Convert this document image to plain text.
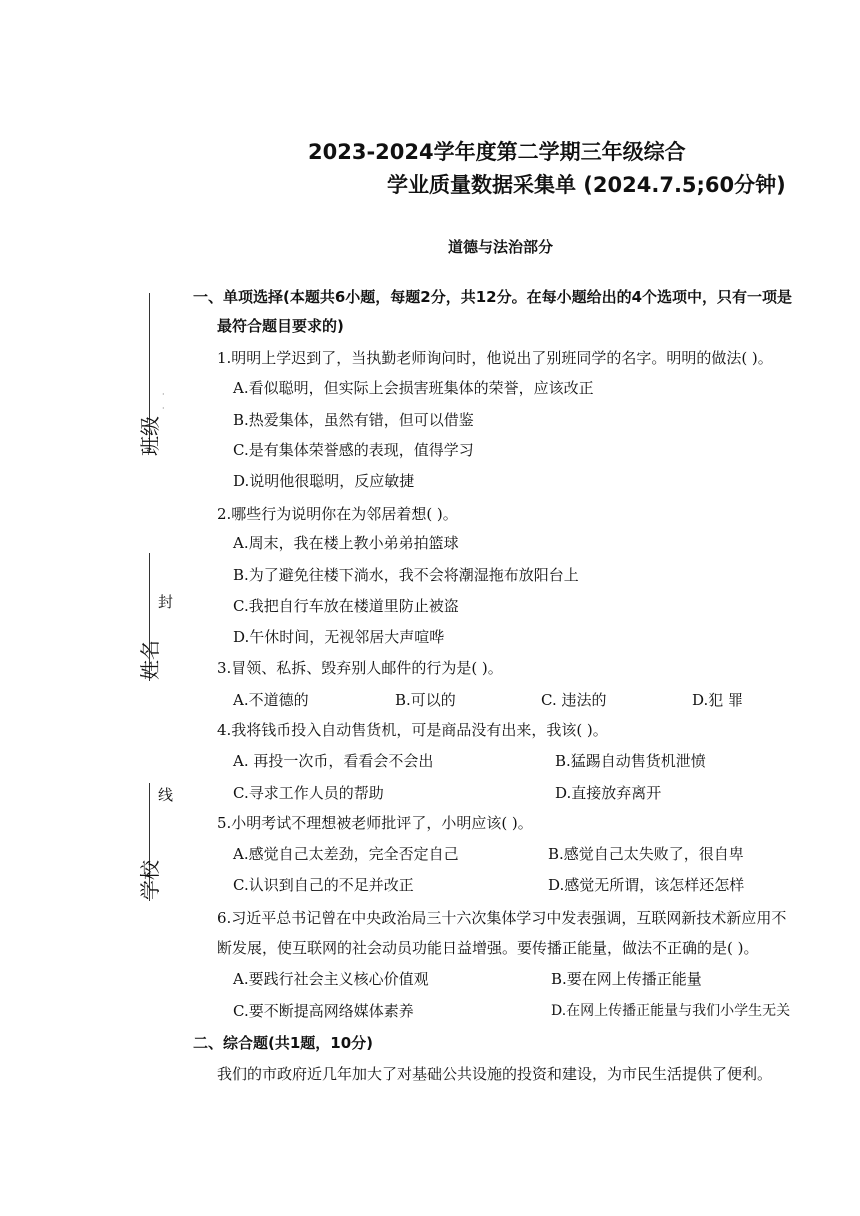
2023-2024学年度第二学期三年级综合
学业质量数据采集单 (2024.7.5;60分钟)
道德与法治部分
班级
·
·
姓名
封
学校
线
一、单项选择(本题共6小题，每题2分，共12分。在每小题给出的4个选项中，只有一项是
最符合题目要求的)
1.明明上学迟到了，当执勤老师询问时，他说出了别班同学的名字。明明的做法( )。
A.看似聪明，但实际上会损害班集体的荣誉，应该改正
B.热爱集体，虽然有错，但可以借鉴
C.是有集体荣誉感的表现，值得学习
D.说明他很聪明，反应敏捷
2.哪些行为说明你在为邻居着想( )。
A.周末，我在楼上教小弟弟拍篮球
B.为了避免往楼下淌水，我不会将潮湿拖布放阳台上
C.我把自行车放在楼道里防止被盗
D.午休时间，无视邻居大声喧哗
3.冒领、私拆、毁弃别人邮件的行为是( )。
A.不道德的	B.可以的	C. 违法的	D.犯 罪
4.我将钱币投入自动售货机，可是商品没有出来，我该( )。
A. 再投一次币，看看会不会出	B.猛踢自动售货机泄愤
C.寻求工作人员的帮助	D.直接放弃离开
5.小明考试不理想被老师批评了，小明应该( )。
A.感觉自己太差劲，完全否定自己	B.感觉自己太失败了，很自卑
C.认识到自己的不足并改正	D.感觉无所谓，该怎样还怎样
6.习近平总书记曾在中央政治局三十六次集体学习中发表强调，互联网新技术新应用不
断发展，使互联网的社会动员功能日益增强。要传播正能量，做法不正确的是( )。
A.要践行社会主义核心价值观	B.要在网上传播正能量
C.要不断提高网络媒体素养	D.在网上传播正能量与我们小学生无关
二、综合题(共1题，10分)
我们的市政府近几年加大了对基础公共设施的投资和建设，为市民生活提供了便利。
